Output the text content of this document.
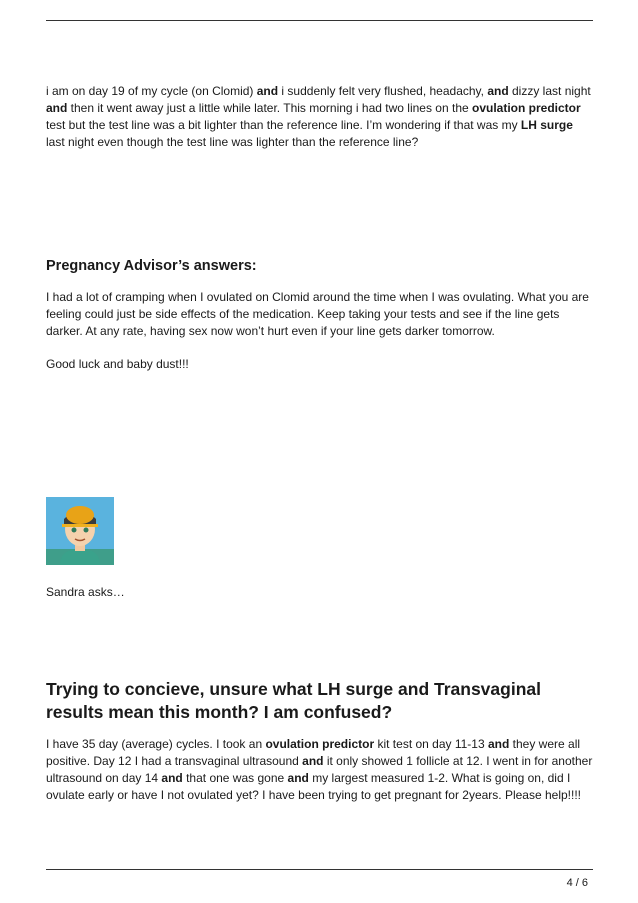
i am on day 19 of my cycle (on Clomid) and i suddenly felt very flushed, headachy, and dizzy last night and then it went away just a little while later. This morning i had two lines on the ovulation predictor test but the test line was a bit lighter than the reference line. I’m wondering if that was my LH surge last night even though the test line was lighter than the reference line?

Pregnancy Advisor’s answers:

I had a lot of cramping when I ovulated on Clomid around the time when I was ovulating. What you are feeling could just be side effects of the medication. Keep taking your tests and see if the line gets darker. At any rate, having sex now won’t hurt even if your line gets darker tomorrow.

Good luck and baby dust!!!

Sandra asks…

Trying to concieve, unsure what LH surge and Transvaginal results mean this month? I am confused?

I have 35 day (average) cycles. I took an ovulation predictor kit test on day 11-13 and they were all positive. Day 12 I had a transvaginal ultrasound and it only showed 1 follicle at 12. I went in for another ultrasound on day 14 and that one was gone and my largest measured 1-2. What is going on, did I ovulate early or have I not ovulated yet? I have been trying to get pregnant for 2years. Please help!!!!

4 / 6
